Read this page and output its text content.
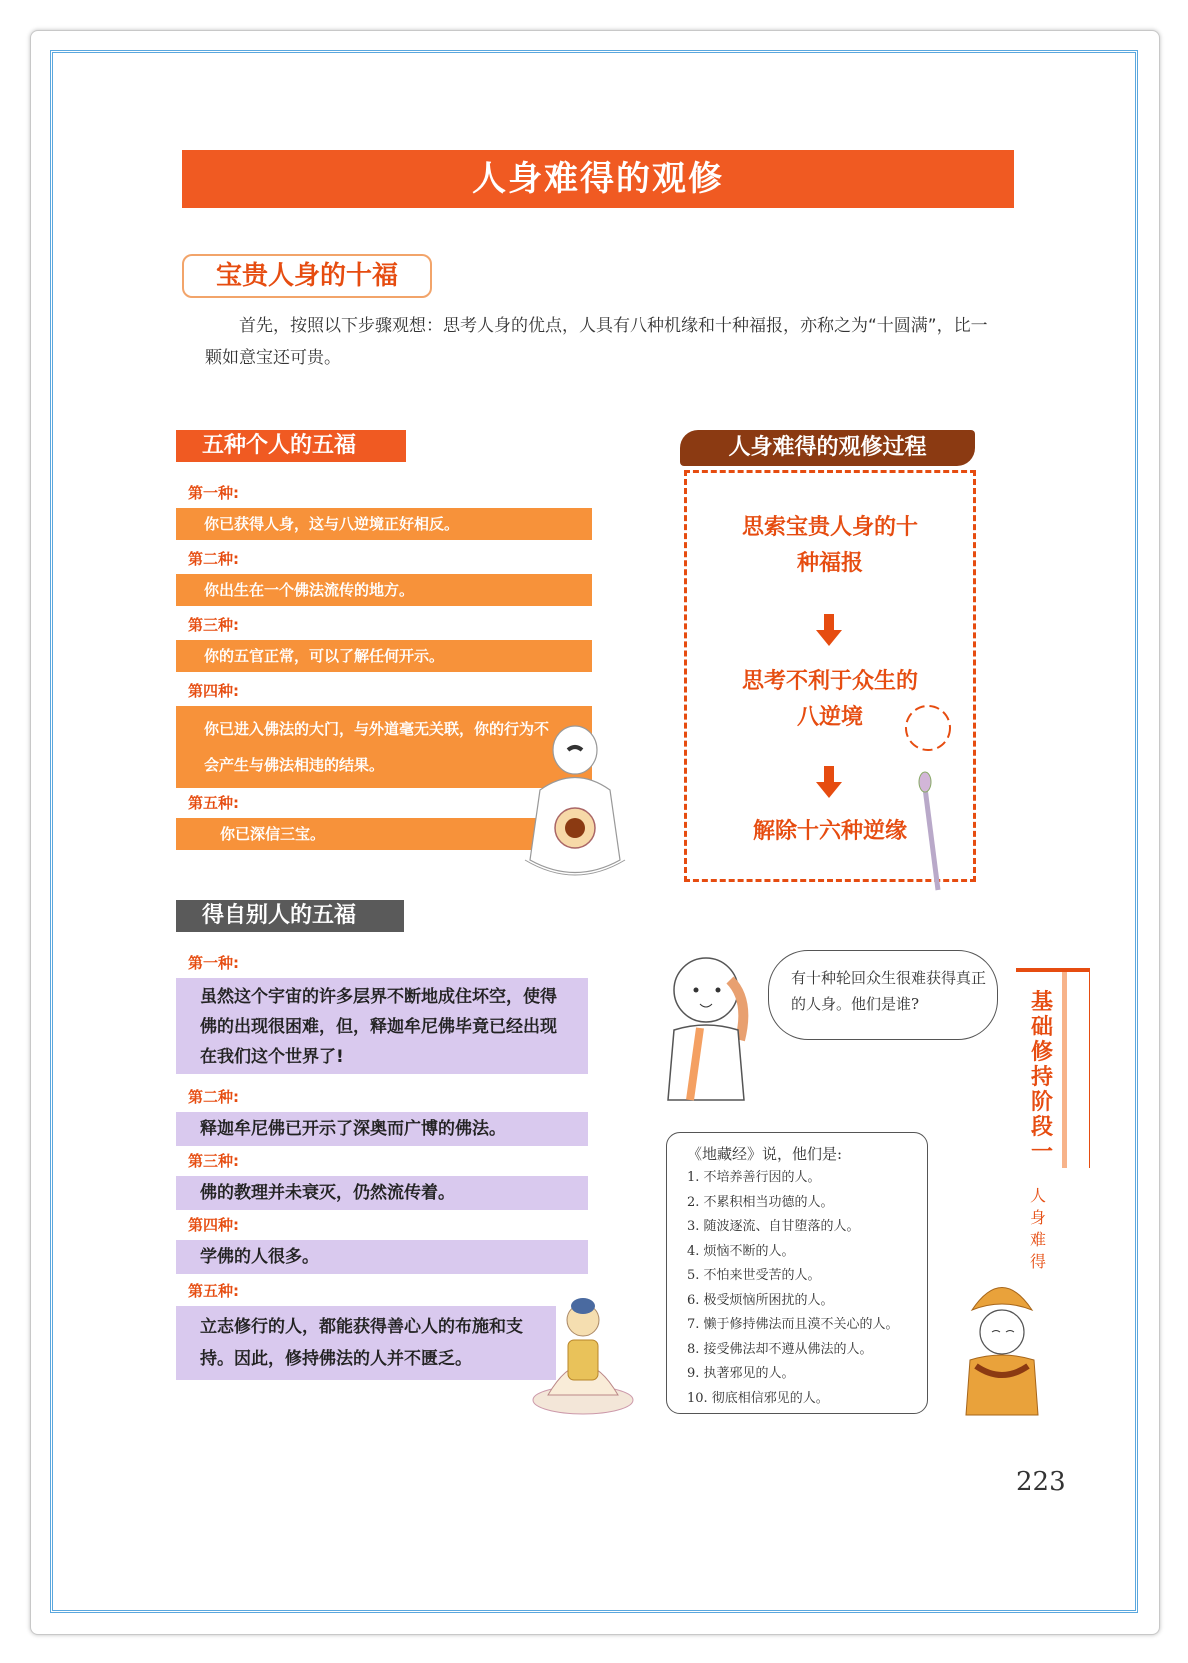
人身难得的观修
宝贵人身的十福

首先，按照以下步骤观想：思考人身的优点，人具有八种机缘和十种福报，亦称之为“十圆满”，比一颗如意宝还可贵。

五种个人的五福
第一种:
你已获得人身，这与八逆境正好相反。
第二种:
你出生在一个佛法流传的地方。
第三种:
你的五官正常，可以了解任何开示。
第四种:
你已进入佛法的大门，与外道毫无关联，你的行为不会产生与佛法相违的结果。
第五种:
你已深信三宝。
得自别人的五福
第一种:
虽然这个宇宙的许多层界不断地成住坏空，使得佛的出现很困难，但，释迦牟尼佛毕竟已经出现在我们这个世界了!
第二种:
释迦牟尼佛已开示了深奥而广博的佛法。
第三种:
佛的教理并未衰灭，仍然流传着。
第四种:
学佛的人很多。
第五种:
立志修行的人，都能获得善心人的布施和支持。因此，修持佛法的人并不匮乏。
人身难得的观修过程
思索宝贵人身的十种福报
思考不利于众生的八逆境
解除十六种逆缘
有十种轮回众生很难获得真正的人身。他们是谁?
《地藏经》说，他们是:
1. 不培养善行因的人。
2. 不累积相当功德的人。
3. 随波逐流、自甘堕落的人。
4. 烦恼不断的人。
5. 不怕来世受苦的人。
6. 极受烦恼所困扰的人。
7. 懒于修持佛法而且漠不关心的人。
8. 接受佛法却不遵从佛法的人。
9. 执著邪见的人。
10. 彻底相信邪见的人。
基础修持阶段一
人身难得
223
